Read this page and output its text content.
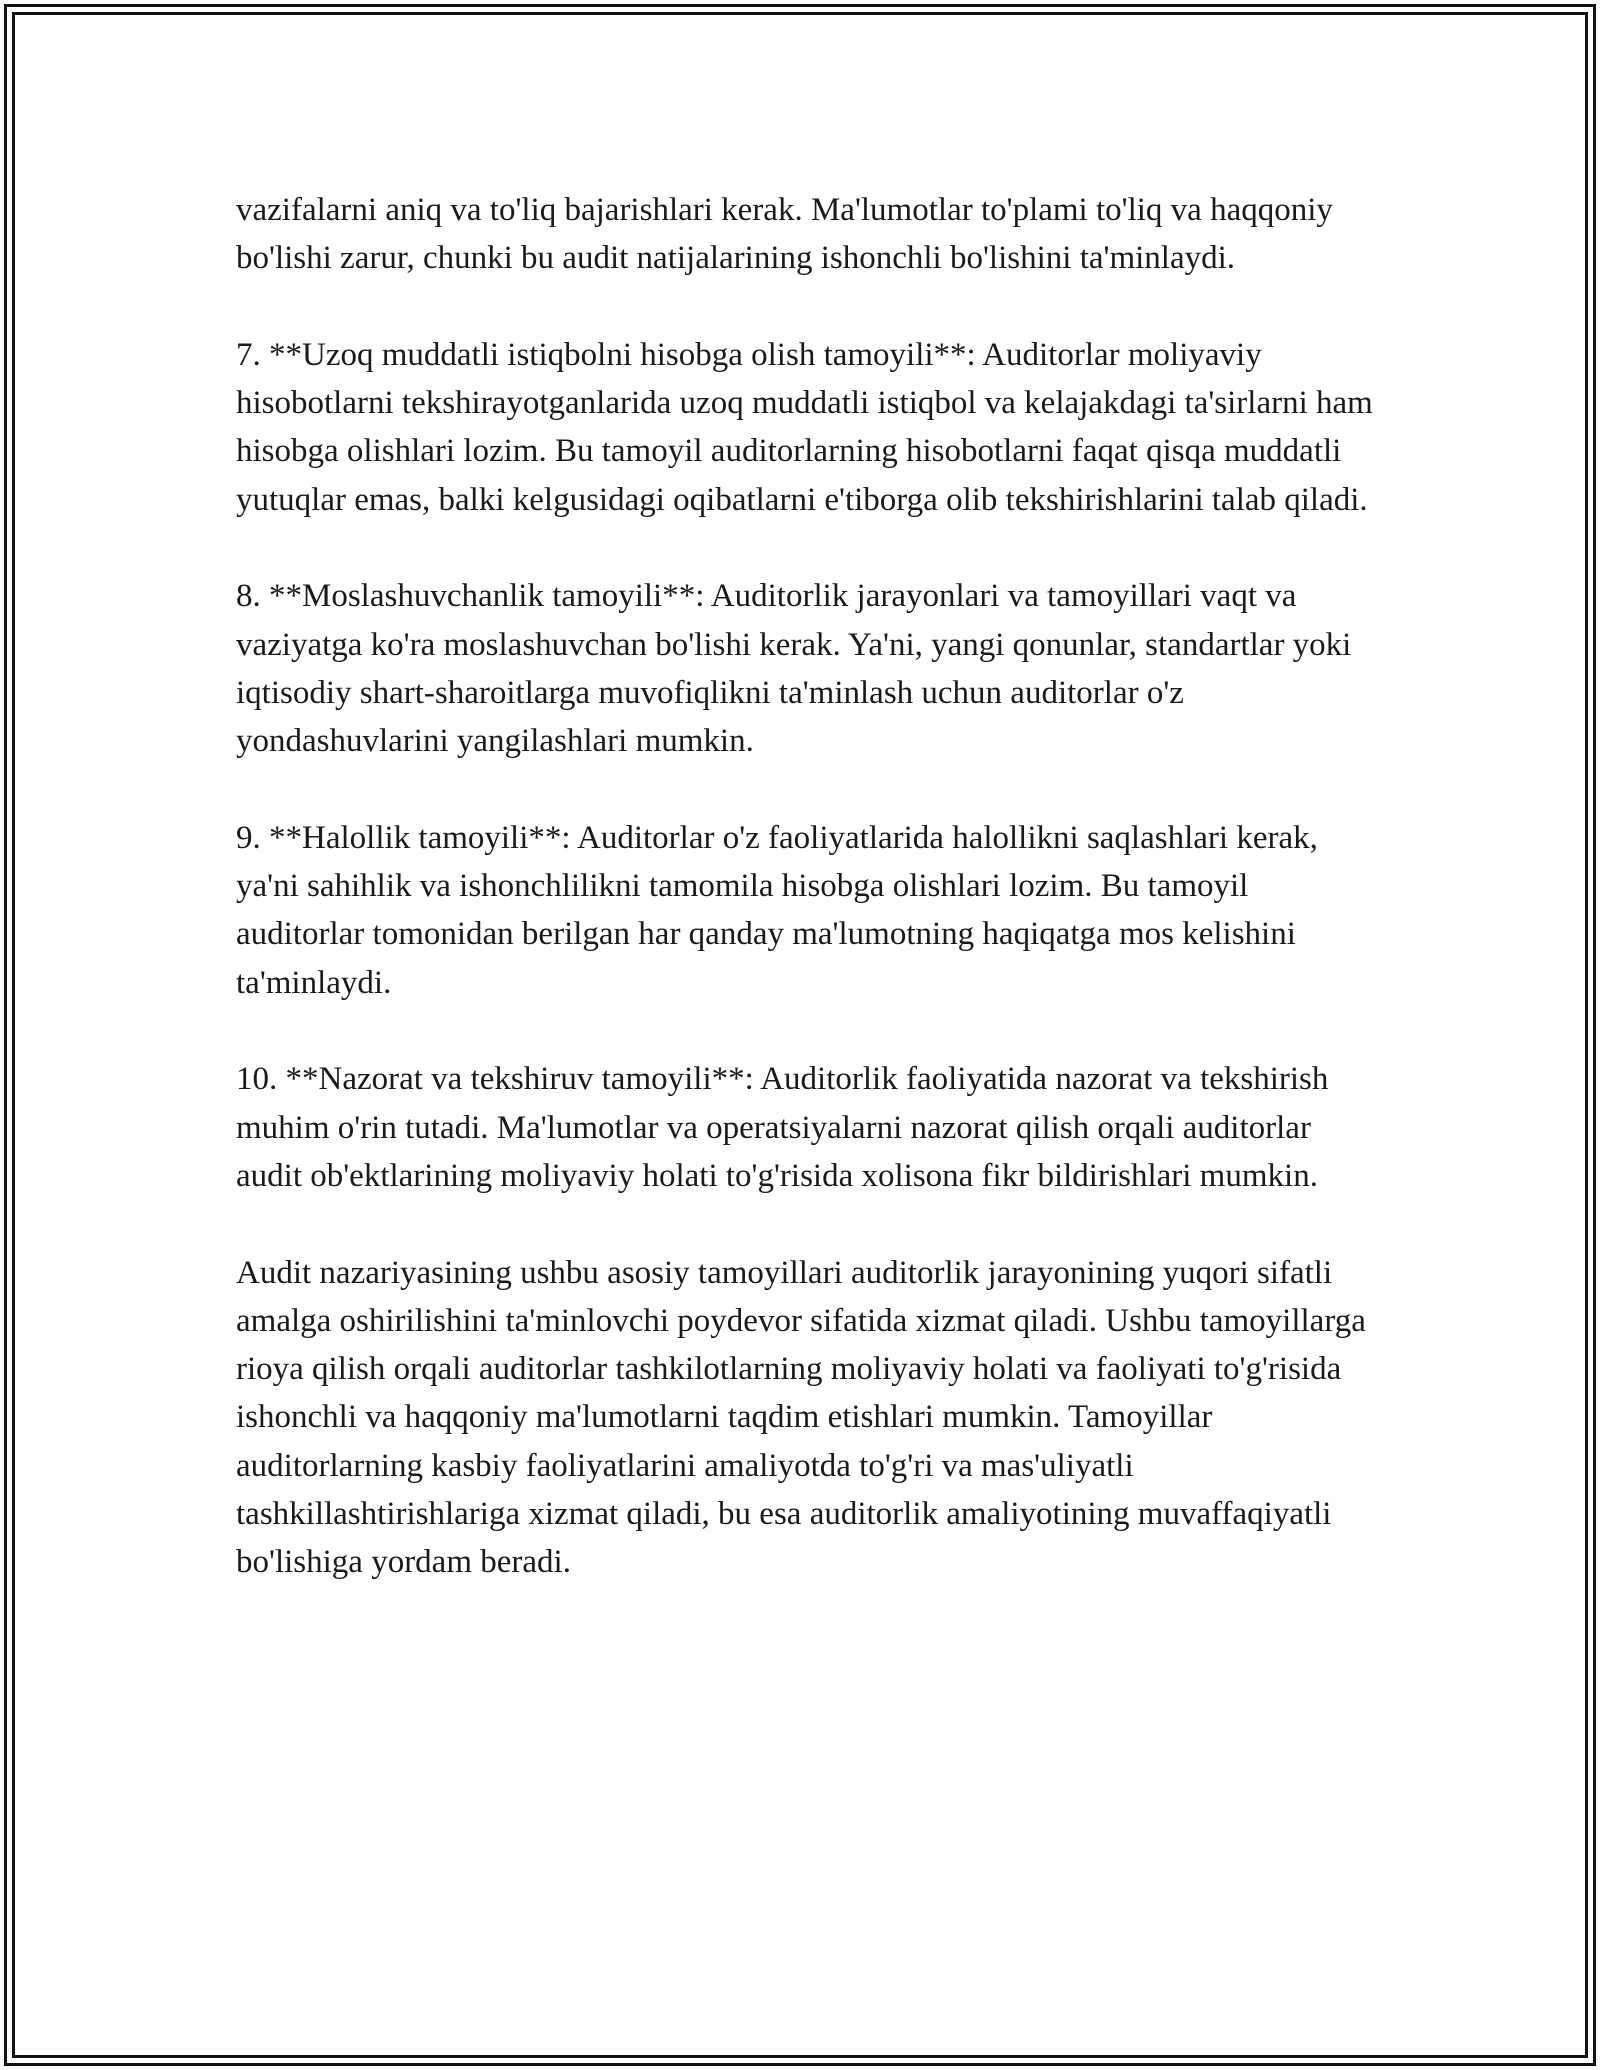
vazifalarni aniq va to'liq bajarishlari kerak. Ma'lumotlar to'plami to'liq va haqqoniy bo'lishi zarur, chunki bu audit natijalarining ishonchli bo'lishini ta'minlaydi.

7. **Uzoq muddatli istiqbolni hisobga olish tamoyili**: Auditorlar moliyaviy hisobotlarni tekshirayotganlarida uzoq muddatli istiqbol va kelajakdagi ta'sirlarni ham hisobga olishlari lozim. Bu tamoyil auditorlarning hisobotlarni faqat qisqa muddatli yutuqlar emas, balki kelgusidagi oqibatlarni e'tiborga olib tekshirishlarini talab qiladi.

8. **Moslashuvchanlik tamoyili**: Auditorlik jarayonlari va tamoyillari vaqt va vaziyatga ko'ra moslashuvchan bo'lishi kerak. Ya'ni, yangi qonunlar, standartlar yoki iqtisodiy shart-sharoitlarga muvofiqlikni ta'minlash uchun auditorlar o'z yondashuvlarini yangilashlari mumkin.

9. **Halollik tamoyili**: Auditorlar o'z faoliyatlarida halollikni saqlashlari kerak, ya'ni sahihlik va ishonchlilikni tamomila hisobga olishlari lozim. Bu tamoyil auditorlar tomonidan berilgan har qanday ma'lumotning haqiqatga mos kelishini ta'minlaydi.

10. **Nazorat va tekshiruv tamoyili**: Auditorlik faoliyatida nazorat va tekshirish muhim o'rin tutadi. Ma'lumotlar va operatsiyalarni nazorat qilish orqali auditorlar audit ob'ektlarining moliyaviy holati to'g'risida xolisona fikr bildirishlari mumkin.

Audit nazariyasining ushbu asosiy tamoyillari auditorlik jarayonining yuqori sifatli amalga oshirilishini ta'minlovchi poydevor sifatida xizmat qiladi. Ushbu tamoyillarga rioya qilish orqali auditorlar tashkilotlarning moliyaviy holati va faoliyati to'g'risida ishonchli va haqqoniy ma'lumotlarni taqdim etishlari mumkin. Tamoyillar auditorlarning kasbiy faoliyatlarini amaliyotda to'g'ri va mas'uliyatli tashkillashtirishlariga xizmat qiladi, bu esa auditorlik amaliyotining muvaffaqiyatli bo'lishiga yordam beradi.
